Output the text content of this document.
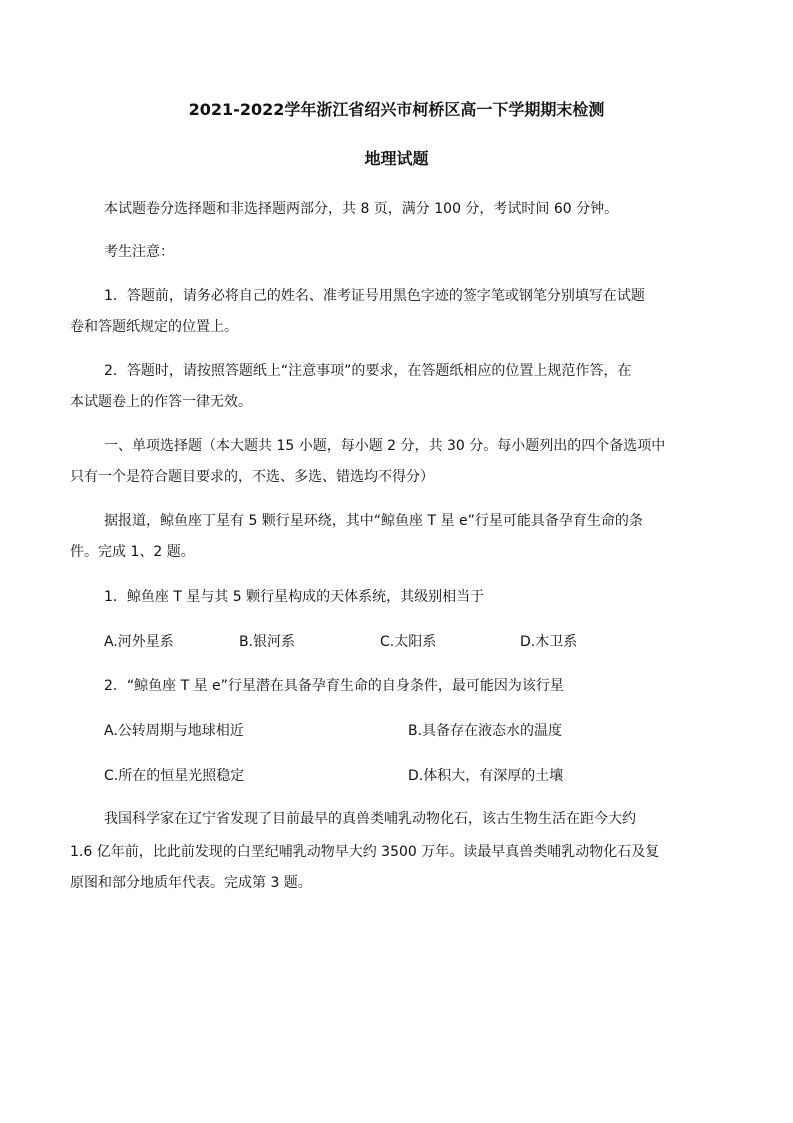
2021-2022学年浙江省绍兴市柯桥区高一下学期期末检测
地理试题

本试题卷分选择题和非选择题两部分，共 8 页，满分 100 分，考试时间 60 分钟。

考生注意：

1．答题前，请务必将自己的姓名、准考证号用黑色字迹的签字笔或钢笔分别填写在试题

卷和答题纸规定的位置上。

2．答题时，请按照答题纸上“注意事项”的要求，在答题纸相应的位置上规范作答，在

本试题卷上的作答一律无效。

一、单项选择题（本大题共 15 小题，每小题 2 分，共 30 分。每小题列出的四个备选项中

只有一个是符合题目要求的，不选、多选、错选均不得分）

据报道，鲸鱼座丁星有 5 颗行星环绕，其中“鲸鱼座 T 星 e”行星可能具备孕育生命的条

件。完成 1、2 题。

1．鲸鱼座 T 星与其 5 颗行星构成的天体系统，其级别相当于

A.河外星系	B.银河系	C.太阳系	D.木卫系

2．“鲸鱼座 T 星 e”行星潜在具备孕育生命的自身条件，最可能因为该行星

A.公转周期与地球相近	B.具备存在液态水的温度
C.所在的恒星光照稳定	D.体积大，有深厚的土壤

我国科学家在辽宁省发现了目前最早的真兽类哺乳动物化石，该古生物生活在距今大约

1.6 亿年前，比此前发现的白垩纪哺乳动物早大约 3500 万年。读最早真兽类哺乳动物化石及复

原图和部分地质年代表。完成第 3 题。
